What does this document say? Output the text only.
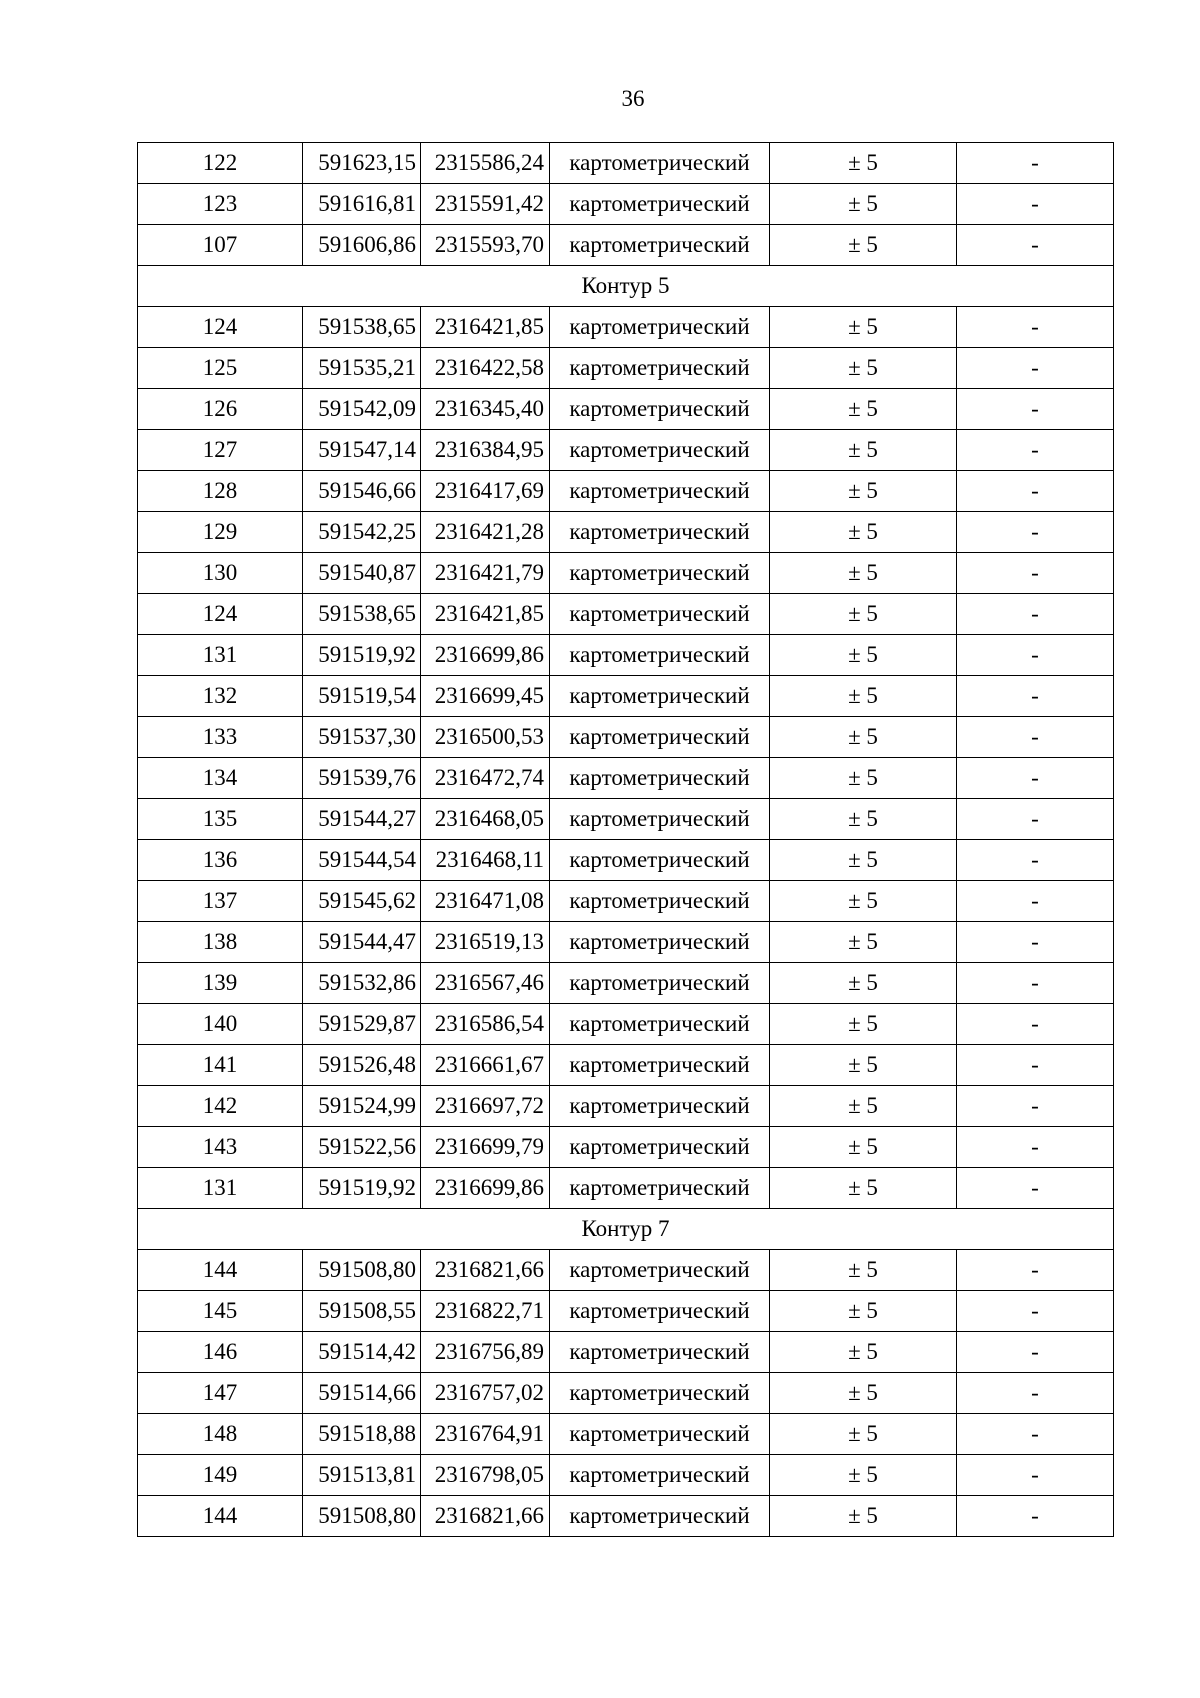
36
122	591623,15	2315586,24	картометрический	± 5	-
123	591616,81	2315591,42	картометрический	± 5	-
107	591606,86	2315593,70	картометрический	± 5	-
Контур 5					
124	591538,65	2316421,85	картометрический	± 5	-
125	591535,21	2316422,58	картометрический	± 5	-
126	591542,09	2316345,40	картометрический	± 5	-
127	591547,14	2316384,95	картометрический	± 5	-
128	591546,66	2316417,69	картометрический	± 5	-
129	591542,25	2316421,28	картометрический	± 5	-
130	591540,87	2316421,79	картометрический	± 5	-
124	591538,65	2316421,85	картометрический	± 5	-
131	591519,92	2316699,86	картометрический	± 5	-
132	591519,54	2316699,45	картометрический	± 5	-
133	591537,30	2316500,53	картометрический	± 5	-
134	591539,76	2316472,74	картометрический	± 5	-
135	591544,27	2316468,05	картометрический	± 5	-
136	591544,54	2316468,11	картометрический	± 5	-
137	591545,62	2316471,08	картометрический	± 5	-
138	591544,47	2316519,13	картометрический	± 5	-
139	591532,86	2316567,46	картометрический	± 5	-
140	591529,87	2316586,54	картометрический	± 5	-
141	591526,48	2316661,67	картометрический	± 5	-
142	591524,99	2316697,72	картометрический	± 5	-
143	591522,56	2316699,79	картометрический	± 5	-
131	591519,92	2316699,86	картометрический	± 5	-
Контур 7					
144	591508,80	2316821,66	картометрический	± 5	-
145	591508,55	2316822,71	картометрический	± 5	-
146	591514,42	2316756,89	картометрический	± 5	-
147	591514,66	2316757,02	картометрический	± 5	-
148	591518,88	2316764,91	картометрический	± 5	-
149	591513,81	2316798,05	картометрический	± 5	-
144	591508,80	2316821,66	картометрический	± 5	-
